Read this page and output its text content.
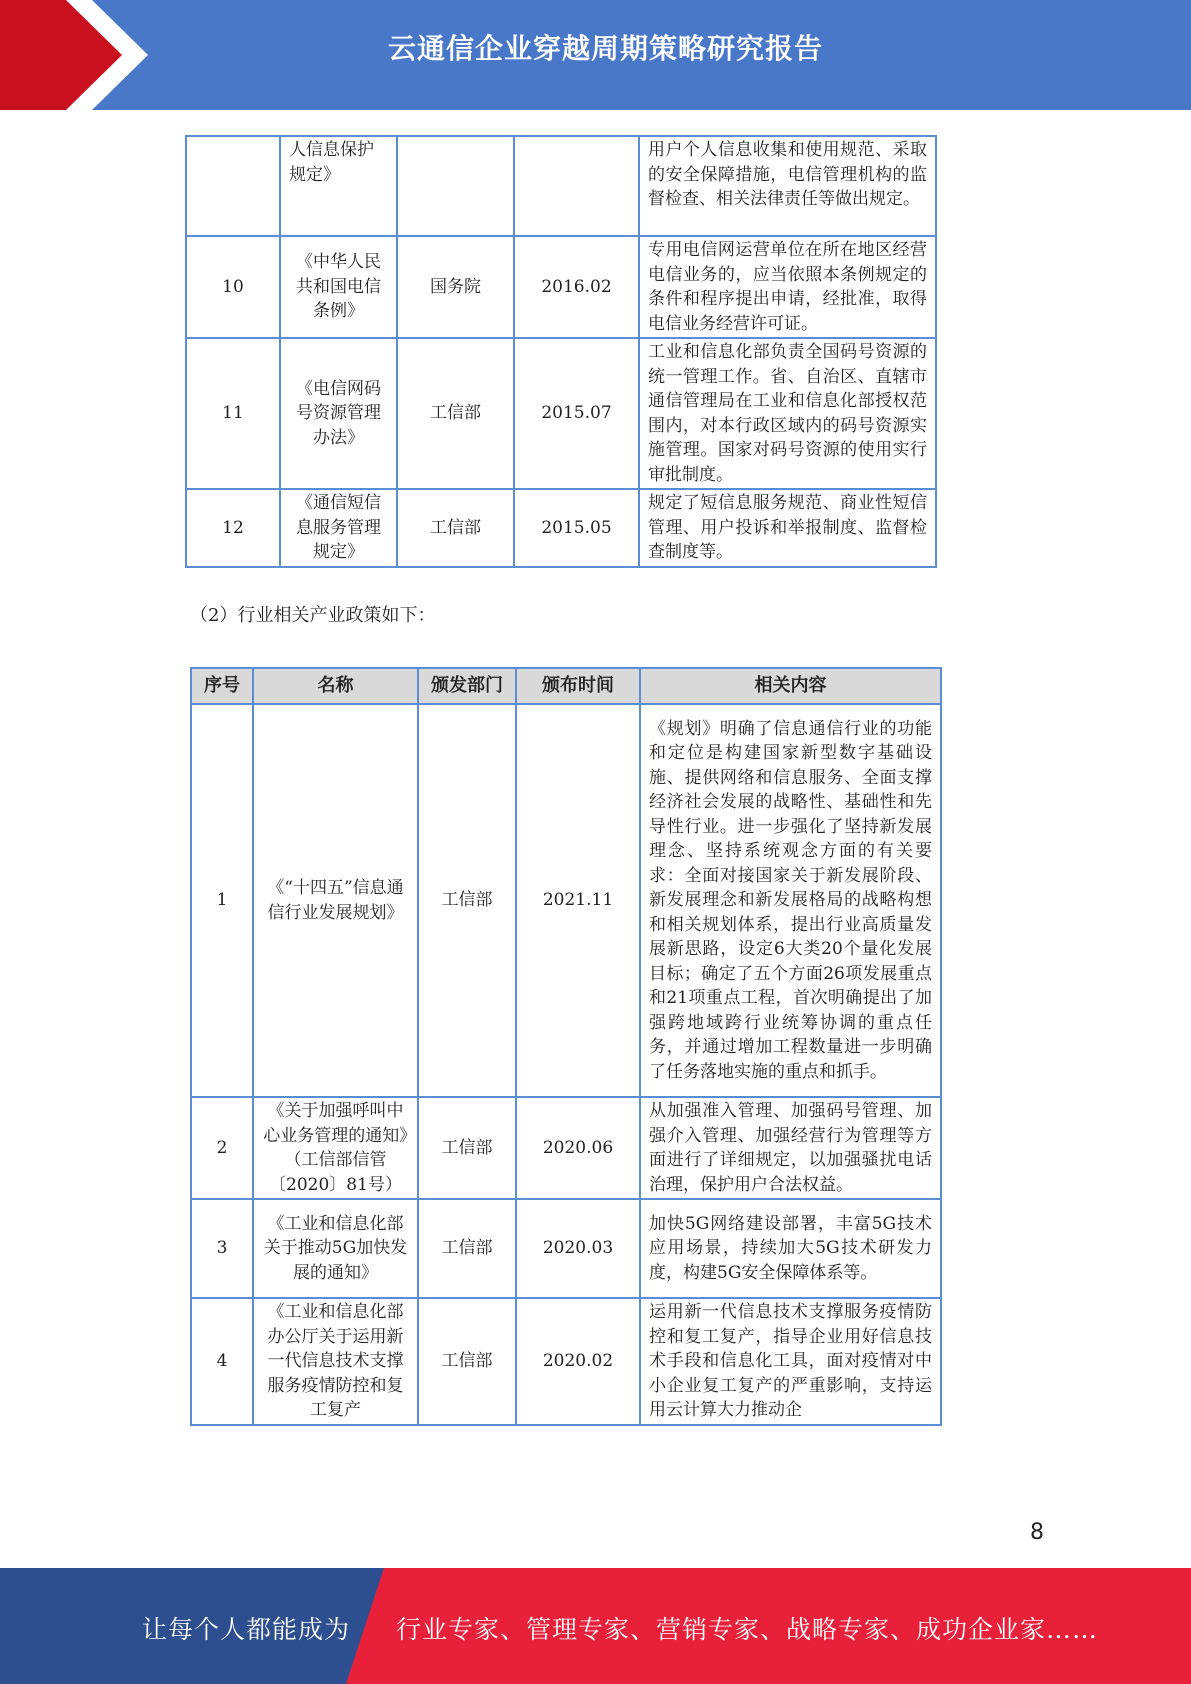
云通信企业穿越周期策略研究报告
	人信息保护规定》			用户个人信息收集和使用规范、采取的安全保障措施，电信管理机构的监督检查、相关法律责任等做出规定。
10	《中华人民共和国电信条例》	国务院	2016.02	专用电信网运营单位在所在地区经营电信业务的，应当依照本条例规定的条件和程序提出申请，经批准，取得电信业务经营许可证。
11	《电信网码号资源管理办法》	工信部	2015.07	工业和信息化部负责全国码号资源的统一管理工作。省、自治区、直辖市通信管理局在工业和信息化部授权范围内，对本行政区域内的码号资源实施管理。国家对码号资源的使用实行审批制度。
12	《通信短信息服务管理规定》	工信部	2015.05	规定了短信息服务规范、商业性短信管理、用户投诉和举报制度、监督检查制度等。
（2）行业相关产业政策如下：
序号	名称	颁发部门	颁布时间	相关内容
1	《“十四五”信息通信行业发展规划》	工信部	2021.11	《规划》明确了信息通信行业的功能和定位是构建国家新型数字基础设施、提供网络和信息服务、全面支撑经济社会发展的战略性、基础性和先导性行业。进一步强化了坚持新发展理念、坚持系统观念方面的有关要求：全面对接国家关于新发展阶段、新发展理念和新发展格局的战略构想和相关规划体系，提出行业高质量发展新思路，设定6大类20个量化发展目标；确定了五个方面26项发展重点和21项重点工程，首次明确提出了加强跨地域跨行业统筹协调的重点任务，并通过增加工程数量进一步明确了任务落地实施的重点和抓手。
2	《关于加强呼叫中心业务管理的通知》（工信部信管〔2020〕81号）	工信部	2020.06	从加强准入管理、加强码号管理、加强介入管理、加强经营行为管理等方面进行了详细规定，以加强骚扰电话治理，保护用户合法权益。
3	《工业和信息化部关于推动5G加快发展的通知》	工信部	2020.03	加快5G网络建设部署，丰富5G技术应用场景，持续加大5G技术研发力度，构建5G安全保障体系等。
4	《工业和信息化部办公厅关于运用新一代信息技术支撑服务疫情防控和复工复产	工信部	2020.02	运用新一代信息技术支撑服务疫情防控和复工复产，指导企业用好信息技术手段和信息化工具，面对疫情对中小企业复工复产的严重影响，支持运用云计算大力推动企
8
让每个人都能成为 行业专家、管理专家、营销专家、战略专家、成功企业家……
